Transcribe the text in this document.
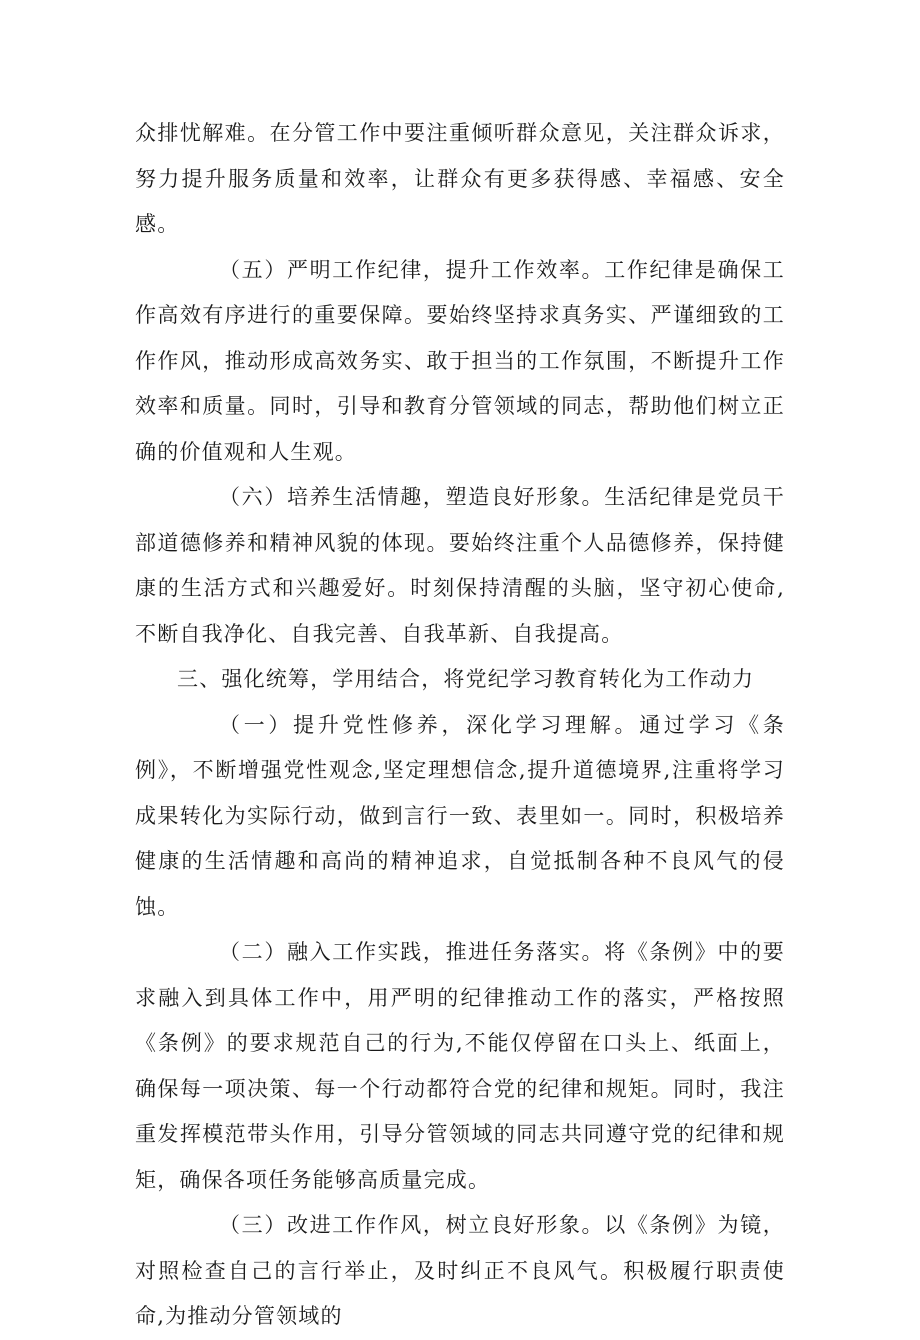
众排忧解难。在分管工作中要注重倾听群众意见，关注群众诉求，努力提升服务质量和效率，让群众有更多获得感、幸福感、安全感。

（五）严明工作纪律，提升工作效率。工作纪律是确保工作高效有序进行的重要保障。要始终坚持求真务实、严谨细致的工作作风，推动形成高效务实、敢于担当的工作氛围，不断提升工作效率和质量。同时，引导和教育分管领域的同志，帮助他们树立正确的价值观和人生观。

（六）培养生活情趣，塑造良好形象。生活纪律是党员干部道德修养和精神风貌的体现。要始终注重个人品德修养，保持健康的生活方式和兴趣爱好。时刻保持清醒的头脑，坚守初心使命,不断自我净化、自我完善、自我革新、自我提高。

三、强化统筹，学用结合，将党纪学习教育转化为工作动力

（一）提升党性修养，深化学习理解。通过学习《条例》，不断增强党性观念,坚定理想信念,提升道德境界,注重将学习成果转化为实际行动，做到言行一致、表里如一。同时，积极培养健康的生活情趣和高尚的精神追求，自觉抵制各种不良风气的侵蚀。

（二）融入工作实践，推进任务落实。将《条例》中的要求融入到具体工作中，用严明的纪律推动工作的落实，严格按照《条例》的要求规范自己的行为,不能仅停留在口头上、纸面上，确保每一项决策、每一个行动都符合党的纪律和规矩。同时，我注重发挥模范带头作用，引导分管领域的同志共同遵守党的纪律和规矩，确保各项任务能够高质量完成。

（三）改进工作作风，树立良好形象。以《条例》为镜，对照检查自己的言行举止，及时纠正不良风气。积极履行职责使命,为推动分管领域的
